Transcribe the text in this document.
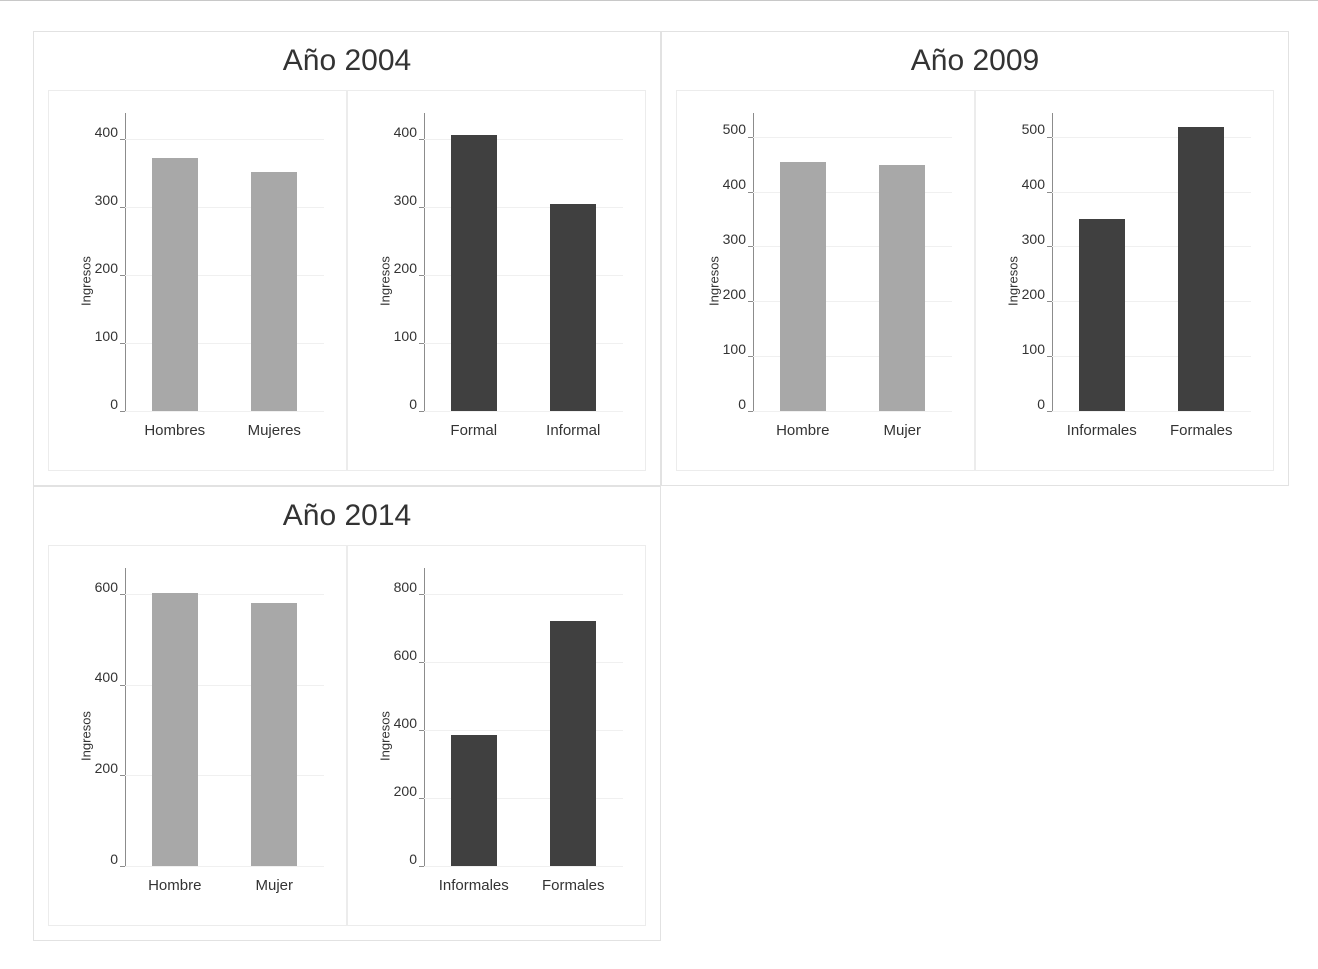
Año 2004
Ingresos
0
100
200
300
400
Hombres	Mujeres
Ingresos
0
100
200
300
400
Formal	Informal
Año 2009
Ingresos
0
100
200
300
400
500
Hombre	Mujer
Ingresos
0
100
200
300
400
500
Informales Formales
Año 2014
Ingresos
0
200
400
600
Hombre	Mujer
Ingresos
0
200
400
600
800
Informales Formales
